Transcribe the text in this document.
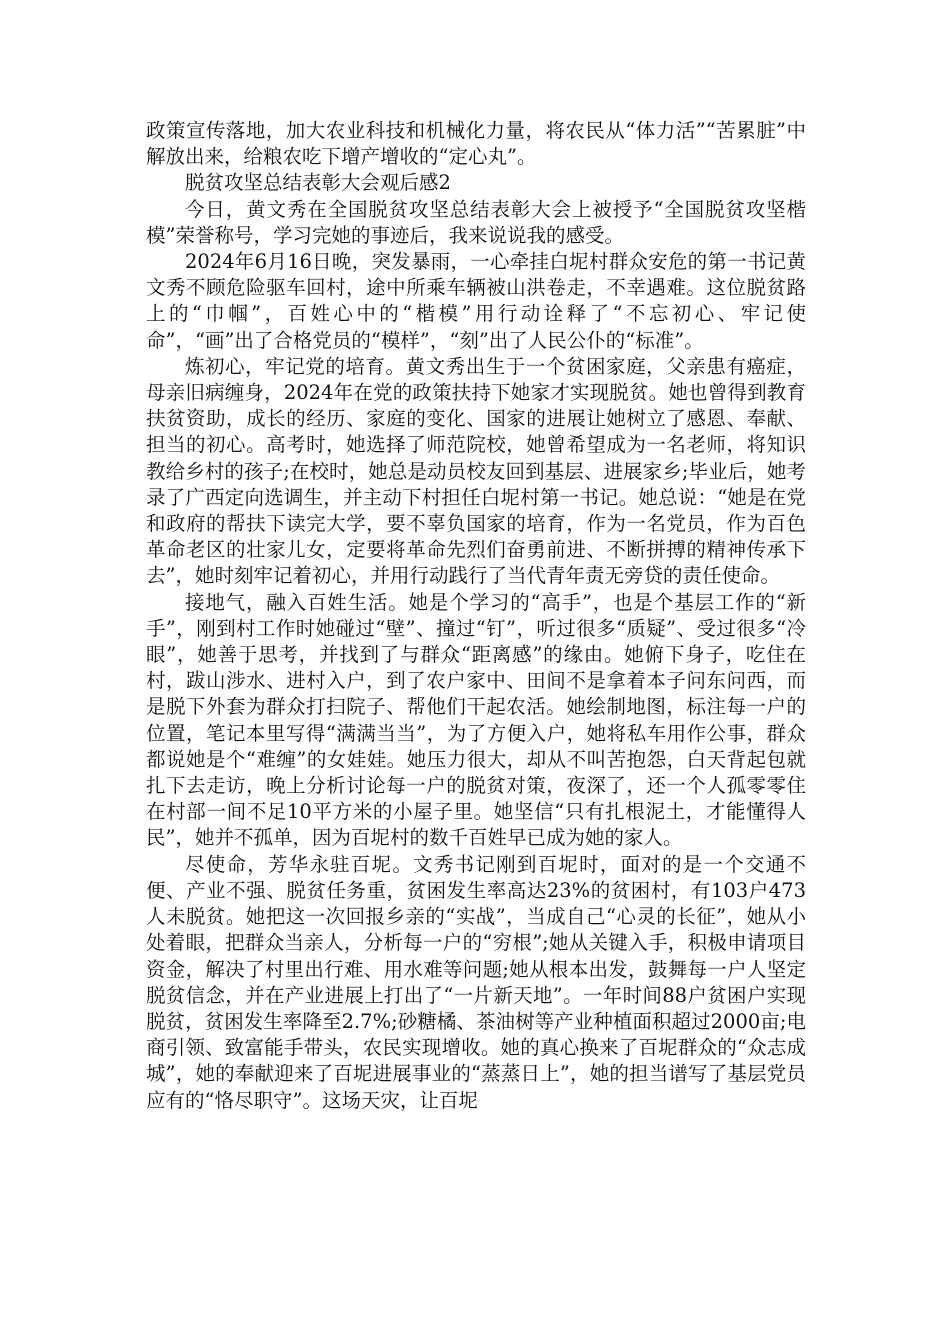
政策宣传落地，加大农业科技和机械化力量，将农民从“体力活”“苦累脏”中解放出来，给粮农吃下增产增收的“定心丸”。

脱贫攻坚总结表彰大会观后感2

今日，黄文秀在全国脱贫攻坚总结表彰大会上被授予“全国脱贫攻坚楷模”荣誉称号，学习完她的事迹后，我来说说我的感受。

2024年6月16日晚，突发暴雨，一心牵挂白坭村群众安危的第一书记黄文秀不顾危险驱车回村，途中所乘车辆被山洪卷走，不幸遇难。这位脱贫路上的“巾帼”，百姓心中的“楷模”用行动诠释了“不忘初心、牢记使命”，“画”出了合格党员的“模样”，“刻”出了人民公仆的“标准”。

炼初心，牢记党的培育。黄文秀出生于一个贫困家庭，父亲患有癌症，母亲旧病缠身，2024年在党的政策扶持下她家才实现脱贫。她也曾得到教育扶贫资助，成长的经历、家庭的变化、国家的进展让她树立了感恩、奉献、担当的初心。高考时，她选择了师范院校，她曾希望成为一名老师，将知识教给乡村的孩子;在校时，她总是动员校友回到基层、进展家乡;毕业后，她考录了广西定向选调生，并主动下村担任白坭村第一书记。她总说：“她是在党和政府的帮扶下读完大学，要不辜负国家的培育，作为一名党员，作为百色革命老区的壮家儿女，定要将革命先烈们奋勇前进、不断拼搏的精神传承下去”，她时刻牢记着初心，并用行动践行了当代青年责无旁贷的责任使命。

接地气，融入百姓生活。她是个学习的“高手”，也是个基层工作的“新手”，刚到村工作时她碰过“壁”、撞过“钉”，听过很多“质疑”、受过很多“冷眼”，她善于思考，并找到了与群众“距离感”的缘由。她俯下身子，吃住在村，跋山涉水、进村入户，到了农户家中、田间不是拿着本子问东问西，而是脱下外套为群众打扫院子、帮他们干起农活。她绘制地图，标注每一户的位置，笔记本里写得“满满当当”，为了方便入户，她将私车用作公事，群众都说她是个“难缠”的女娃娃。她压力很大，却从不叫苦抱怨，白天背起包就扎下去走访，晚上分析讨论每一户的脱贫对策，夜深了，还一个人孤零零住在村部一间不足10平方米的小屋子里。她坚信“只有扎根泥土，才能懂得人民”，她并不孤单，因为百坭村的数千百姓早已成为她的家人。

尽使命，芳华永驻百坭。文秀书记刚到百坭时，面对的是一个交通不便、产业不强、脱贫任务重，贫困发生率高达23%的贫困村，有103户473人未脱贫。她把这一次回报乡亲的“实战”，当成自己“心灵的长征”，她从小处着眼，把群众当亲人，分析每一户的“穷根”;她从关键入手，积极申请项目资金，解决了村里出行难、用水难等问题;她从根本出发，鼓舞每一户人坚定脱贫信念，并在产业进展上打出了“一片新天地”。一年时间88户贫困户实现脱贫，贫困发生率降至2.7%;砂糖橘、茶油树等产业种植面积超过2000亩;电商引领、致富能手带头，农民实现增收。她的真心换来了百坭群众的“众志成城”，她的奉献迎来了百坭进展事业的“蒸蒸日上”，她的担当谱写了基层党员应有的“恪尽职守”。这场天灾，让百坭
